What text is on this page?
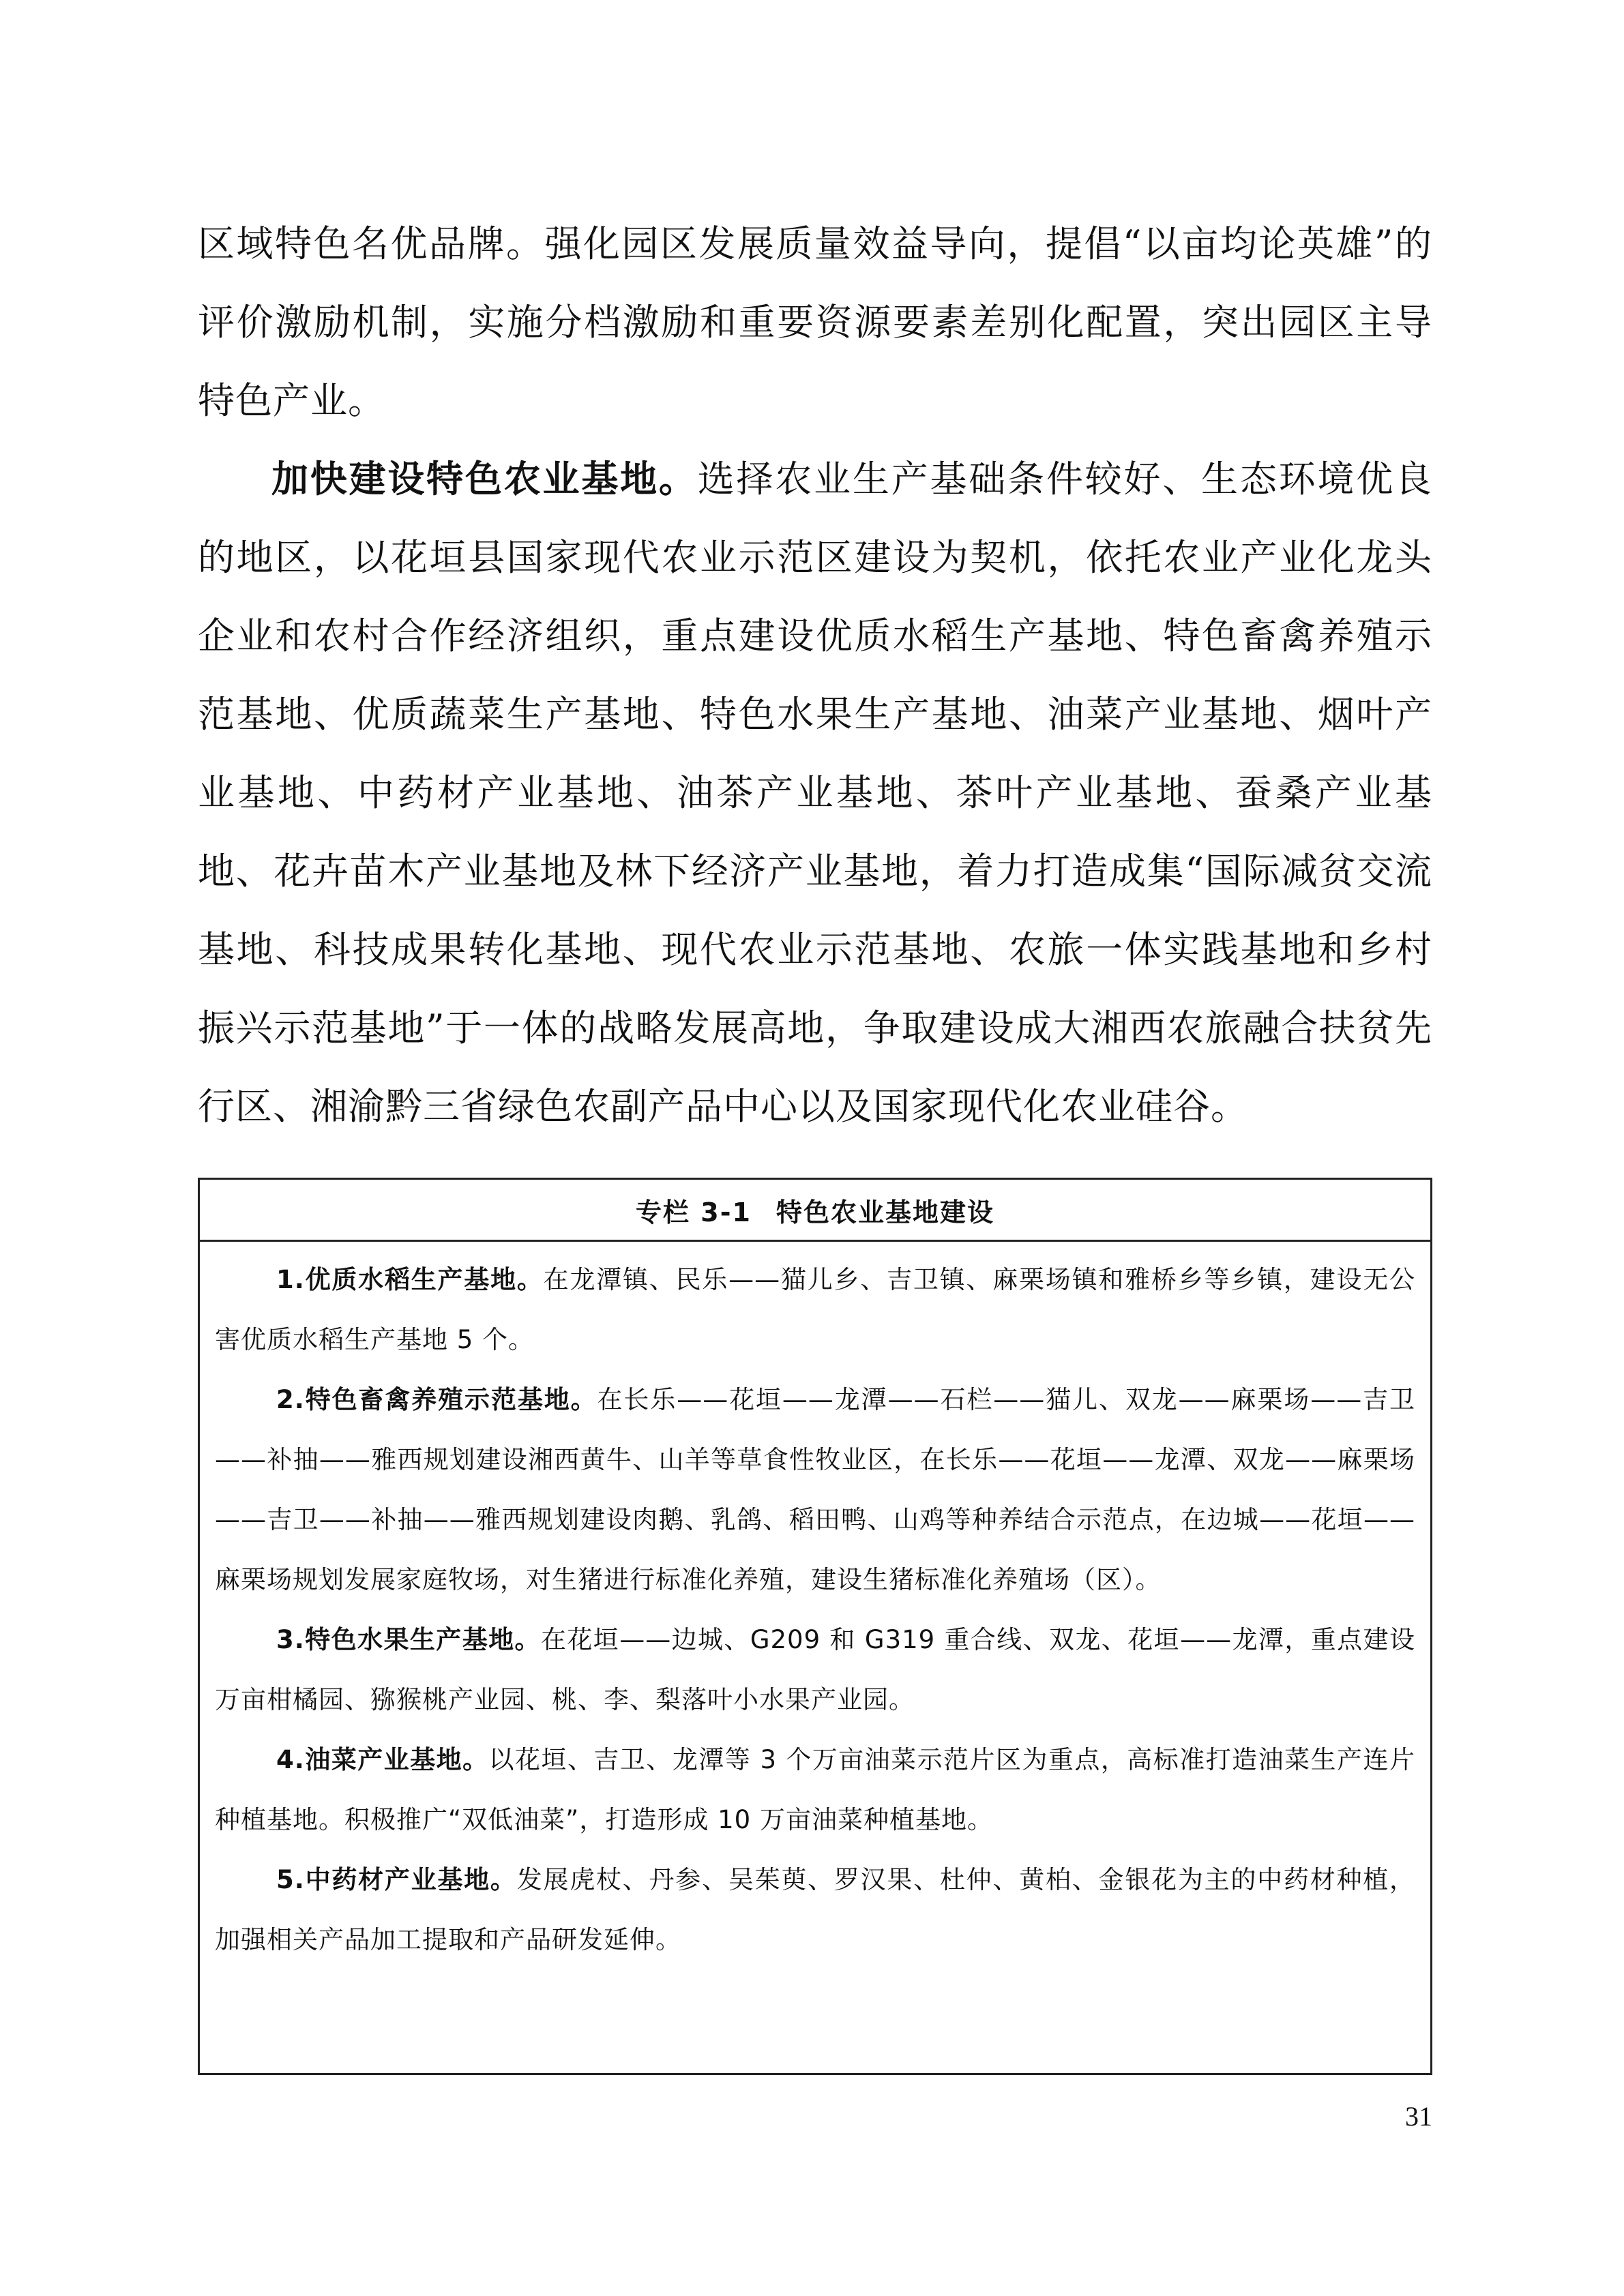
区域特色名优品牌。强化园区发展质量效益导向，提倡“以亩均论英雄”的评价激励机制，实施分档激励和重要资源要素差别化配置，突出园区主导特色产业。
加快建设特色农业基地。选择农业生产基础条件较好、生态环境优良的地区，以花垣县国家现代农业示范区建设为契机，依托农业产业化龙头企业和农村合作经济组织，重点建设优质水稻生产基地、特色畜禽养殖示范基地、优质蔬菜生产基地、特色水果生产基地、油菜产业基地、烟叶产业基地、中药材产业基地、油茶产业基地、茶叶产业基地、蚕桑产业基地、花卉苗木产业基地及林下经济产业基地，着力打造成集“国际减贫交流基地、科技成果转化基地、现代农业示范基地、农旅一体实践基地和乡村振兴示范基地”于一体的战略发展高地，争取建设成大湘西农旅融合扶贫先行区、湘渝黔三省绿色农副产品中心以及国家现代化农业硅谷。
专栏 3-1 特色农业基地建设
1.优质水稻生产基地。在龙潭镇、民乐——猫儿乡、吉卫镇、麻栗场镇和雅桥乡等乡镇，建设无公害优质水稻生产基地 5 个。
2.特色畜禽养殖示范基地。在长乐——花垣——龙潭——石栏——猫儿、双龙——麻栗场——吉卫——补抽——雅西规划建设湘西黄牛、山羊等草食性牧业区，在长乐——花垣——龙潭、双龙——麻栗场——吉卫——补抽——雅西规划建设肉鹅、乳鸽、稻田鸭、山鸡等种养结合示范点，在边城——花垣——麻栗场规划发展家庭牧场，对生猪进行标准化养殖，建设生猪标准化养殖场（区）。
3.特色水果生产基地。在花垣——边城、G209 和 G319 重合线、双龙、花垣——龙潭，重点建设万亩柑橘园、猕猴桃产业园、桃、李、梨落叶小水果产业园。
4.油菜产业基地。以花垣、吉卫、龙潭等 3 个万亩油菜示范片区为重点，高标准打造油菜生产连片种植基地。积极推广“双低油菜”，打造形成 10 万亩油菜种植基地。
5.中药材产业基地。发展虎杖、丹参、吴茱萸、罗汉果、杜仲、黄柏、金银花为主的中药材种植，加强相关产品加工提取和产品研发延伸。
31
